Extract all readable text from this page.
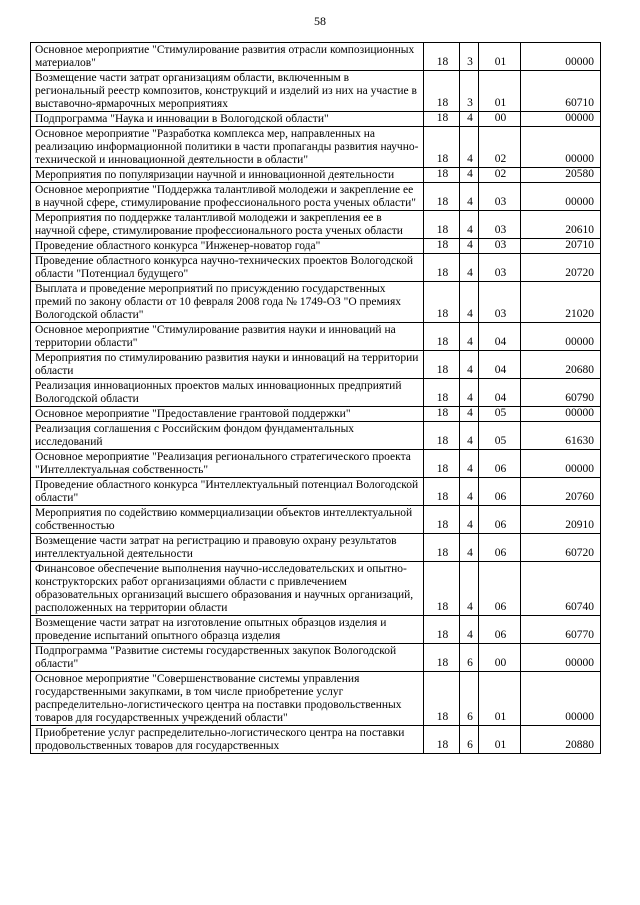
58
Основное мероприятие "Стимулирование развития отрасли композиционных материалов"	18	3	01	00000
Возмещение части затрат организациям области, включенным в региональный реестр композитов, конструкций и изделий из них на участие в выставочно-ярмарочных мероприятиях	18	3	01	60710
Подпрограмма "Наука и инновации в Вологодской области"	18	4	00	00000
Основное мероприятие "Разработка комплекса мер, направленных на реализацию информационной политики в части пропаганды развития научно-технической и инновационной деятельности в области"	18	4	02	00000
Мероприятия по популяризации научной и инновационной деятельности	18	4	02	20580
Основное мероприятие "Поддержка талантливой молодежи и закрепление ее в научной сфере, стимулирование профессионального роста ученых области"	18	4	03	00000
Мероприятия по поддержке талантливой молодежи и закрепления ее в научной сфере, стимулирование профессионального роста ученых области	18	4	03	20610
Проведение областного конкурса "Инженер-новатор года"	18	4	03	20710
Проведение областного конкурса научно-технических проектов Вологодской области "Потенциал будущего"	18	4	03	20720
Выплата и проведение мероприятий по присуждению государственных премий по закону области от 10 февраля 2008 года № 1749-ОЗ "О премиях Вологодской области"	18	4	03	21020
Основное мероприятие "Стимулирование развития науки и инноваций на территории области"	18	4	04	00000
Мероприятия по стимулированию развития науки и инноваций на территории области	18	4	04	20680
Реализация инновационных проектов малых инновационных предприятий Вологодской области	18	4	04	60790
Основное мероприятие "Предоставление грантовой поддержки"	18	4	05	00000
Реализация соглашения с Российским фондом фундаментальных исследований	18	4	05	61630
Основное мероприятие "Реализация регионального стратегического проекта "Интеллектуальная собственность"	18	4	06	00000
Проведение областного конкурса "Интеллектуальный потенциал Вологодской области"	18	4	06	20760
Мероприятия по содействию коммерциализации объектов интеллектуальной собственностью	18	4	06	20910
Возмещение части затрат на регистрацию и правовую охрану результатов интеллектуальной деятельности	18	4	06	60720
Финансовое обеспечение выполнения научно-исследовательских и опытно-конструкторских работ организациями области с привлечением образовательных организаций высшего образования и научных организаций, расположенных на территории области	18	4	06	60740
Возмещение части затрат на изготовление опытных образцов изделия и проведение испытаний опытного образца изделия	18	4	06	60770
Подпрограмма "Развитие системы государственных закупок Вологодской области"	18	6	00	00000
Основное мероприятие "Совершенствование системы управления государственными закупками, в том числе приобретение услуг распределительно-логистического центра на поставки продовольственных товаров для государственных учреждений области"	18	6	01	00000
Приобретение услуг распределительно-логистического центра на поставки продовольственных товаров для государственных	18	6	01	20880
